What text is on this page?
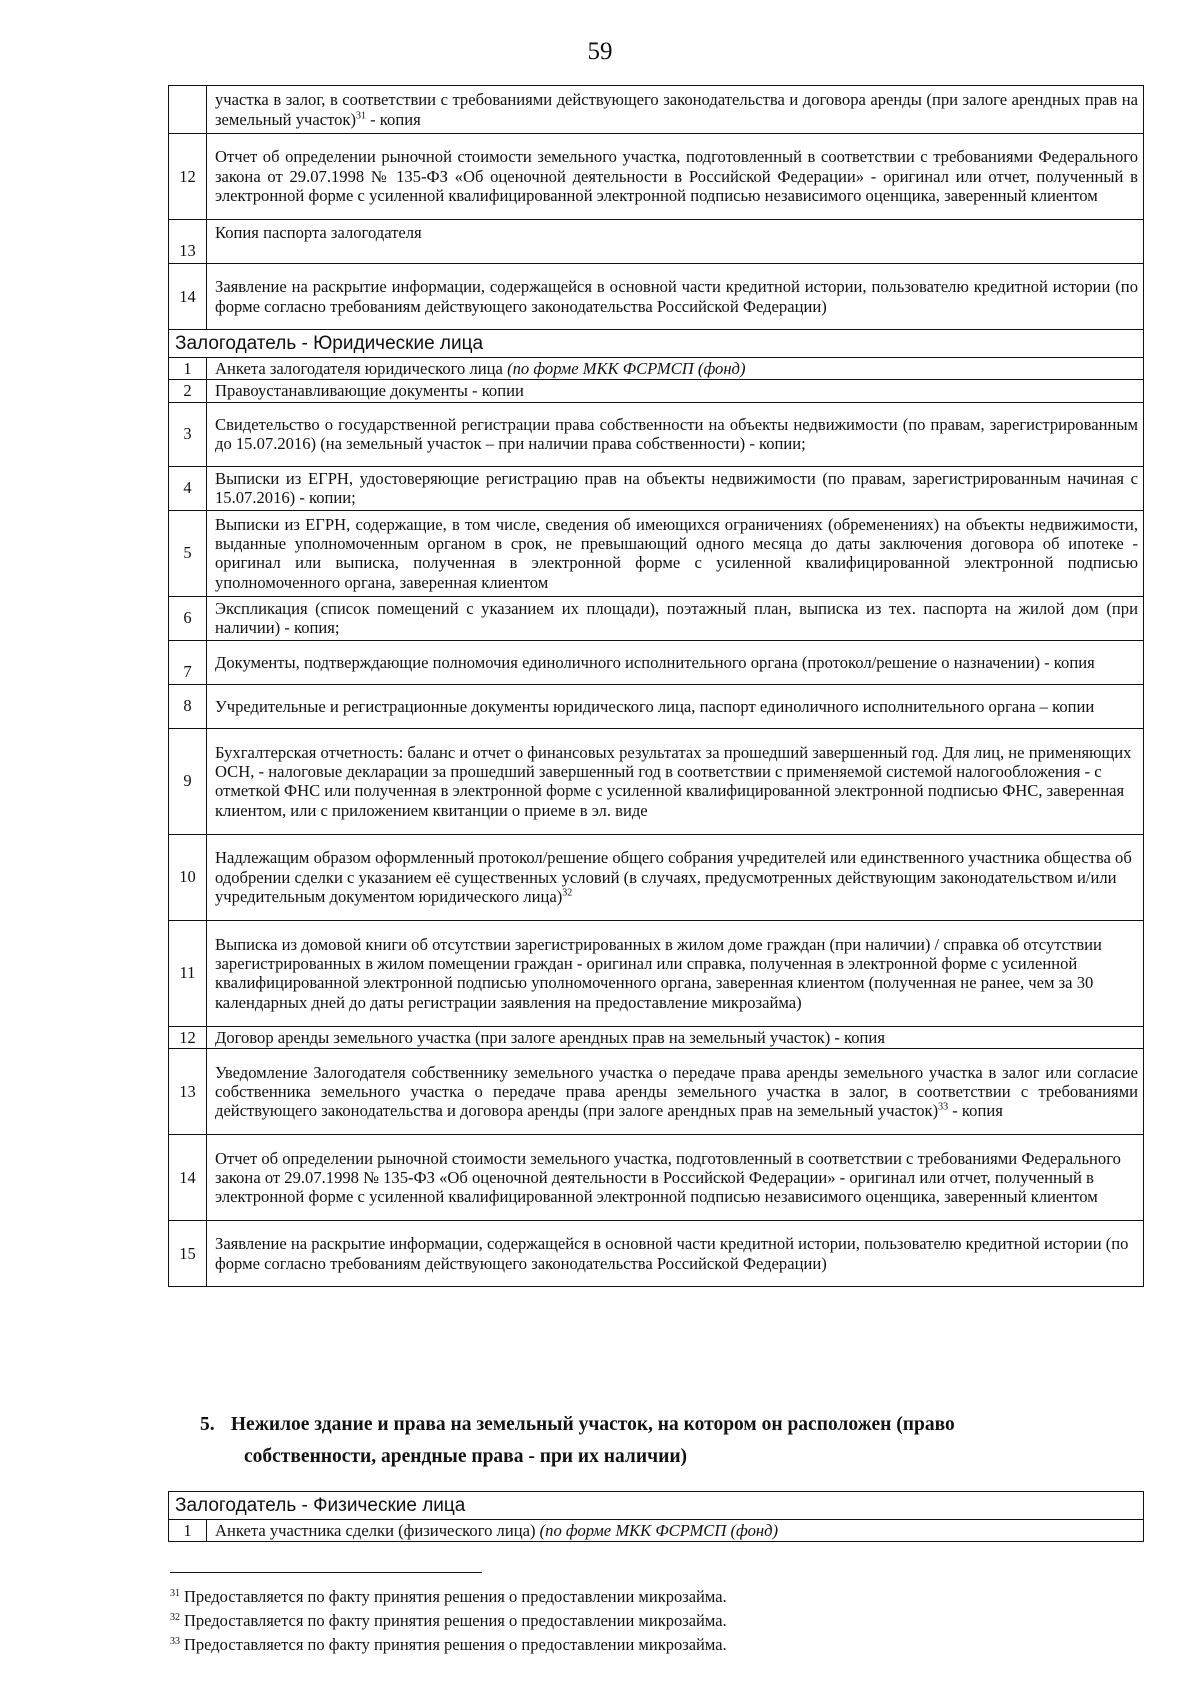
59
	участка в залог, в соответствии с требованиями действующего законодательства и договора аренды (при залоге арендных прав на земельный участок)$^{31}$ - копия
12	Отчет об определении рыночной стоимости земельного участка, подготовленный в соответствии с требованиями Федерального закона от 29.07.1998 № 135-ФЗ «Об оценочной деятельности в Российской Федерации» - оригинал или отчет, полученный в электронной форме с усиленной квалифицированной электронной подписью независимого оценщика, заверенный клиентом
13	Копия паспорта залогодателя
14	Заявление на раскрытие информации, содержащейся в основной части кредитной истории, пользователю кредитной истории (по форме согласно требованиям действующего законодательства Российской Федерации)
Залогодатель - Юридические лица	
1	Анкета залогодателя юридического лица (по форме МКК ФСРМСП (фонд)
2	Правоустанавливающие документы - копии
3	Свидетельство о государственной регистрации права собственности на объекты недвижимости (по правам, зарегистрированным до 15.07.2016) (на земельный участок – при наличии права собственности) - копии;
4	Выписки из ЕГРН, удостоверяющие регистрацию прав на объекты недвижимости (по правам, зарегистрированным начиная с 15.07.2016) - копии;
5	Выписки из ЕГРН, содержащие, в том числе, сведения об имеющихся ограничениях (обременениях) на объекты недвижимости, выданные уполномоченным органом в срок, не превышающий одного месяца до даты заключения договора об ипотеке - оригинал или выписка, полученная в электронной форме с усиленной квалифицированной электронной подписью уполномоченного органа, заверенная клиентом
6	Экспликация (список помещений с указанием их площади), поэтажный план, выписка из тех. паспорта на жилой дом (при наличии) - копия;
7	Документы, подтверждающие полномочия единоличного исполнительного органа (протокол/решение о назначении) - копия
8	Учредительные и регистрационные документы юридического лица, паспорт единоличного исполнительного органа – копии
9	Бухгалтерская отчетность: баланс и отчет о финансовых результатах за прошедший завершенный год. Для лиц, не применяющих ОСН, - налоговые декларации за прошедший завершенный год в соответствии с применяемой системой налогообложения - с отметкой ФНС или полученная в электронной форме с усиленной квалифицированной электронной подписью ФНС, заверенная клиентом, или с приложением квитанции о приеме в эл. виде
10	Надлежащим образом оформленный протокол/решение общего собрания учредителей или единственного участника общества об одобрении сделки с указанием её существенных условий (в случаях, предусмотренных действующим законодательством и/или учредительным документом юридического лица)$^{32}$
11	Выписка из домовой книги об отсутствии зарегистрированных в жилом доме граждан (при наличии) / справка об отсутствии зарегистрированных в жилом помещении граждан - оригинал или справка, полученная в электронной форме с усиленной квалифицированной электронной подписью уполномоченного органа, заверенная клиентом (полученная не ранее, чем за 30 календарных дней до даты регистрации заявления на предоставление микрозайма)
12	Договор аренды земельного участка (при залоге арендных прав на земельный участок) - копия
13	Уведомление Залогодателя собственнику земельного участка о передаче права аренды земельного участка в залог или согласие собственника земельного участка о передаче права аренды земельного участка в залог, в соответствии с требованиями действующего законодательства и договора аренды (при залоге арендных прав на земельный участок)$^{33}$ - копия
14	Отчет об определении рыночной стоимости земельного участка, подготовленный в соответствии с требованиями Федерального закона от 29.07.1998 № 135-ФЗ «Об оценочной деятельности в Российской Федерации» - оригинал или отчет, полученный в электронной форме с усиленной квалифицированной электронной подписью независимого оценщика, заверенный клиентом
15	Заявление на раскрытие информации, содержащейся в основной части кредитной истории, пользователю кредитной истории (по форме согласно требованиям действующего законодательства Российской Федерации)
5. Нежилое здание и права на земельный участок, на котором он расположен (право
собственности, арендные права - при их наличии)
Залогодатель - Физические лица
1	Анкета участника сделки (физического лица) (по форме МКК ФСРМСП (фонд)
$^{31}$ Предоставляется по факту принятия решения о предоставлении микрозайма.
$^{32}$ Предоставляется по факту принятия решения о предоставлении микрозайма.
$^{33}$ Предоставляется по факту принятия решения о предоставлении микрозайма.
